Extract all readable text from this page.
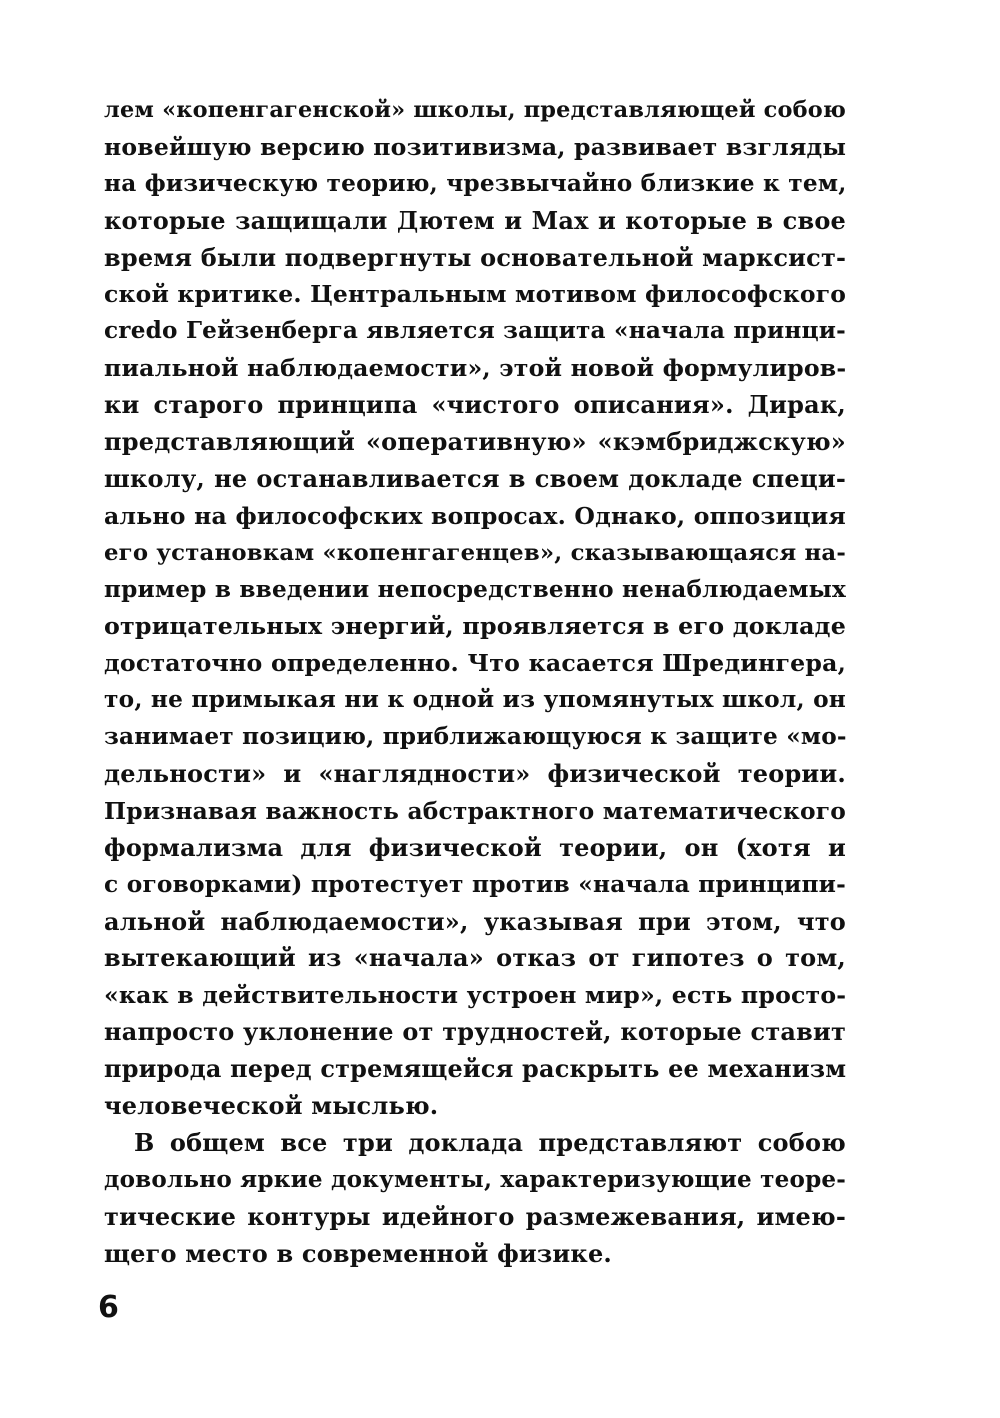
лем «копенгагенской» школы, представляющей собою
новейшую версию позитивизма, развивает взгляды
на физическую теорию, чрезвычайно близкие к тем,
которые защищали Дютем и Мах и которые в свое
время были подвергнуты основательной марксист-
ской критике. Центральным мотивом философского
credo Гейзенберга является защита «начала принци-
пиальной наблюдаемости», этой новой формулиров-
ки старого принципа «чистого описания». Дирак,
представляющий «оперативную» «кэмбриджскую»
школу, не останавливается в своем докладе специ-
ально на философских вопросах. Однако, оппозиция
его установкам «копенгагенцев», сказывающаяся на-
пример в введении непосредственно ненаблюдаемых
отрицательных энергий, проявляется в его докладе
достаточно определенно. Что касается Шредингера,
то, не примыкая ни к одной из упомянутых школ, он
занимает позицию, приближающуюся к защите «мо-
дельности» и «наглядности» физической теории.
Признавая важность абстрактного математического
формализма для физической теории, он (хотя и
с оговорками) протестует против «начала принципи-
альной наблюдаемости», указывая при этом, что
вытекающий из «начала» отказ от гипотез о том,
«как в действительности устроен мир», есть просто-
напросто уклонение от трудностей, которые ставит
природа перед стремящейся раскрыть ее механизм
человеческой мыслью.
В общем все три доклада представляют собою
довольно яркие документы, характеризующие теоре-
тические контуры идейного размежевания, имею-
щего место в современной физике.
6
